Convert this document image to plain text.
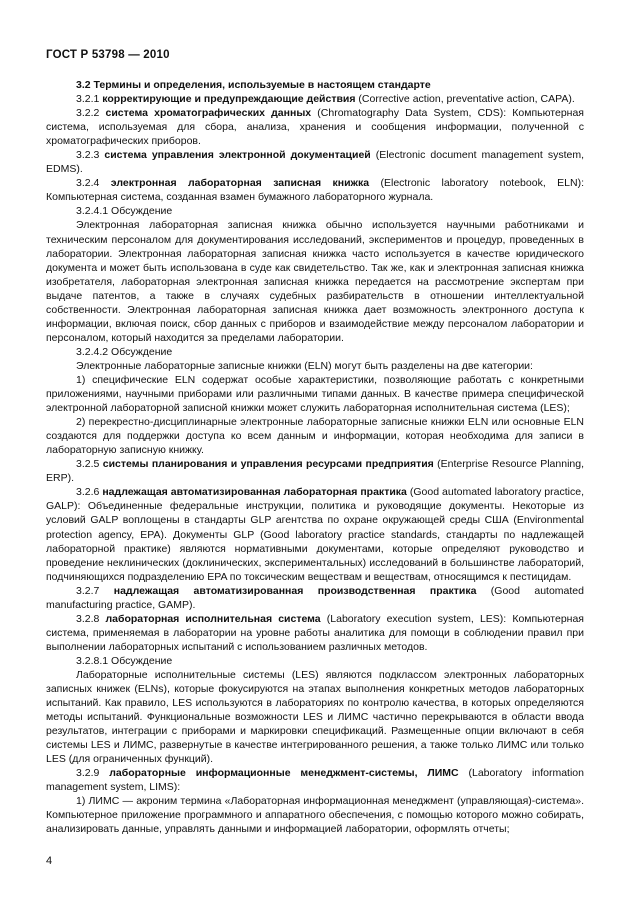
ГОСТ Р 53798 — 2010

3.2 Термины и определения, используемые в настоящем стандарте

3.2.1 корректирующие и предупреждающие действия (Corrective action, preventative action, CAPA).

3.2.2 система хроматографических данных (Chromatography Data System, CDS): Компьютерная система, используемая для сбора, анализа, хранения и сообщения информации, полученной с хроматографических приборов.

3.2.3 система управления электронной документацией (Electronic document management system, EDMS).

3.2.4 электронная лабораторная записная книжка (Electronic laboratory notebook, ELN): Компьютерная система, созданная взамен бумажного лабораторного журнала.

3.2.4.1 Обсуждение

Электронная лабораторная записная книжка обычно используется научными работниками и техническим персоналом для документирования исследований, экспериментов и процедур, проведенных в лаборатории. Электронная лабораторная записная книжка часто используется в качестве юридического документа и может быть использована в суде как свидетельство. Так же, как и электронная записная книжка изобретателя, лабораторная электронная записная книжка передается на рассмотрение экспертам при выдаче патентов, а также в случаях судебных разбирательств в отношении интеллектуальной собственности. Электронная лабораторная записная книжка дает возможность электронного доступа к информации, включая поиск, сбор данных с приборов и взаимодействие между персоналом лаборатории и персоналом, который находится за пределами лаборатории.

3.2.4.2 Обсуждение

Электронные лабораторные записные книжки (ELN) могут быть разделены на две категории:

1) специфические ELN содержат особые характеристики, позволяющие работать с конкретными приложениями, научными приборами или различными типами данных. В качестве примера специфической электронной лабораторной записной книжки может служить лабораторная исполнительная система (LES);

2) перекрестно-дисциплинарные электронные лабораторные записные книжки ELN или основные ELN создаются для поддержки доступа ко всем данным и информации, которая необходима для записи в лабораторную записную книжку.

3.2.5 системы планирования и управления ресурсами предприятия (Enterprise Resource Planning, ERP).

3.2.6 надлежащая автоматизированная лабораторная практика (Good automated laboratory practice, GALP): Объединенные федеральные инструкции, политика и руководящие документы. Некоторые из условий GALP воплощены в стандарты GLP агентства по охране окружающей среды США (Environmental protection agency, EPA). Документы GLP (Good laboratory practice standards, стандарты по надлежащей лабораторной практике) являются нормативными документами, которые определяют руководство и проведение неклинических (доклинических, экспериментальных) исследований в большинстве лабораторий, подчиняющихся подразделению EPA по токсическим веществам и веществам, относящимся к пестицидам.

3.2.7 надлежащая автоматизированная производственная практика (Good automated manufacturing practice, GAMP).

3.2.8 лабораторная исполнительная система (Laboratory execution system, LES): Компьютерная система, применяемая в лаборатории на уровне работы аналитика для помощи в соблюдении правил при выполнении лабораторных испытаний с использованием различных методов.

3.2.8.1 Обсуждение

Лабораторные исполнительные системы (LES) являются подклассом электронных лабораторных записных книжек (ELNs), которые фокусируются на этапах выполнения конкретных методов лабораторных испытаний. Как правило, LES используются в лабораториях по контролю качества, в которых определяются методы испытаний. Функциональные возможности LES и ЛИМС частично перекрываются в области ввода результатов, интеграции с приборами и маркировки спецификаций. Размещенные опции включают в себя системы LES и ЛИМС, развернутые в качестве интегрированного решения, а также только ЛИМС или только LES (для ограниченных функций).

3.2.9 лабораторные информационные менеджмент-системы, ЛИМС (Laboratory information management system, LIMS):

1) ЛИМС — акроним термина «Лабораторная информационная менеджмент (управляющая)-система». Компьютерное приложение программного и аппаратного обеспечения, с помощью которого можно собирать, анализировать данные, управлять данными и информацией лаборатории, оформлять отчеты;

4
